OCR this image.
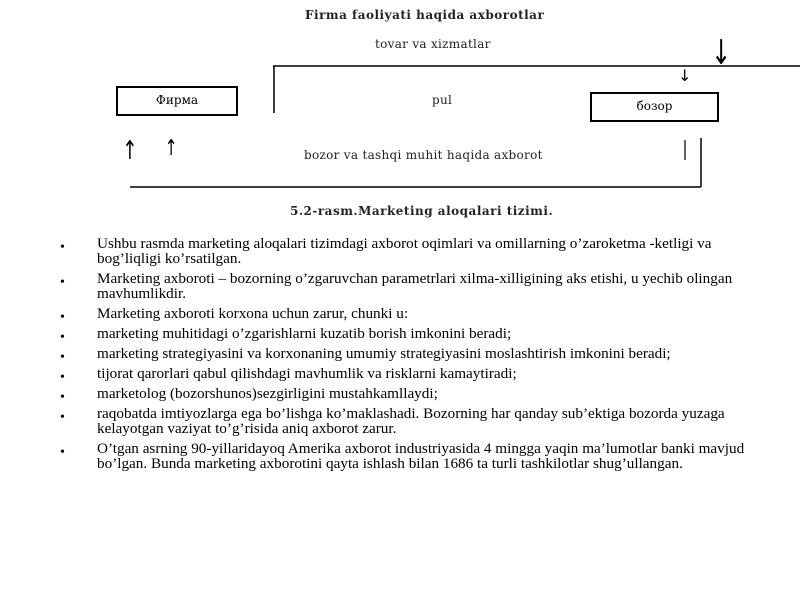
Firma faoliyati haqida axborotlar
tovar va xizmatlar
pul
bozor va tashqi muhit haqida axborot
5.2-rasm.Marketing aloqalari tizimi.
Фирма	бозор
↓
↓
↑ ↑
• Ushbu rasmda marketing aloqalari tizimdagi axborot oqimlari va omillarning o’zaroketma -ketligi va bog’liqligi ko’rsatilgan.
• Marketing axboroti – bozorning o’zgaruvchan parametrlari xilma-xilligining aks etishi, u yechib olingan mavhumlikdir.
• Marketing axboroti korxona uchun zarur, chunki u:
• marketing muhitidagi o’zgarishlarni kuzatib borish imkonini beradi;
• marketing strategiyasini va korxonaning umumiy strategiyasini moslashtirish imkonini beradi;
• tijorat qarorlari qabul qilishdagi mavhumlik va risklarni kamaytiradi;
• marketolog (bozorshunos)sezgirligini mustahkamllaydi;
• raqobatda imtiyozlarga ega bo’lishga ko’maklashadi. Bozorning har qanday sub’ektiga bozorda yuzaga kelayotgan vaziyat to’g’risida aniq axborot zarur.
• O’tgan asrning 90-yillaridayoq Amerika axborot industriyasida 4 mingga yaqin ma’lumotlar banki mavjud bo’lgan. Bunda marketing axborotini qayta ishlash bilan 1686 ta turli tashkilotlar shug’ullangan.
